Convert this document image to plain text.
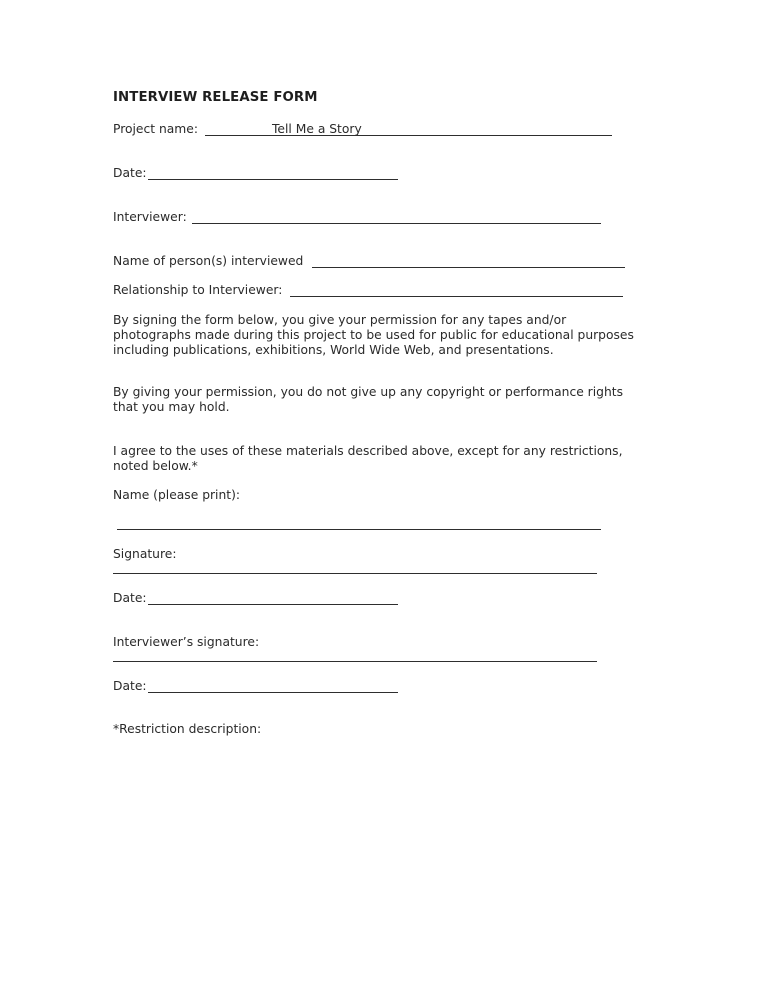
INTERVIEW RELEASE FORM
Project name:	Tell Me a Story
Date:
Interviewer:
Name of person(s) interviewed
Relationship to Interviewer:

By signing the form below, you give your permission for any tapes and/or
photographs made during this project to be used for public for educational purposes
including publications, exhibitions, World Wide Web, and presentations.

By giving your permission, you do not give up any copyright or performance rights
that you may hold.

I agree to the uses of these materials described above, except for any restrictions,
noted below.*

Name (please print):
Signature:
Date:
Interviewer’s signature:
Date:
*Restriction description:
